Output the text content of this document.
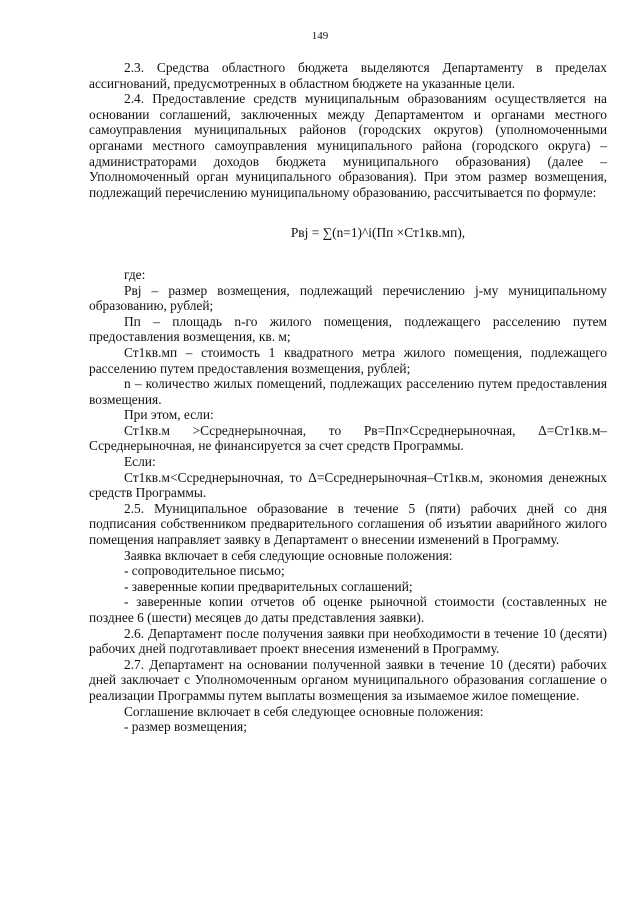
149

2.3. Средства областного бюджета выделяются Департаменту в пределах ассигнований, предусмотренных в областном бюджете на указанные цели.

2.4. Предоставление средств муниципальным образованиям осуществляется на основании соглашений, заключенных между Департаментом и органами местного самоуправления муниципальных районов (городских округов) (уполномоченными органами местного самоуправления муниципального района (городского округа) – администраторами доходов бюджета муниципального образования) (далее – Уполномоченный орган муниципального образования). При этом размер возмещения, подлежащий перечислению муниципальному образованию, рассчитывается по формуле:

Pвj = ∑(n=1)^i(Пп ×Ст1кв.мп),

где:

Рвj – размер возмещения, подлежащий перечислению j-му муниципальному образованию, рублей;

Пп – площадь n-го жилого помещения, подлежащего расселению путем предоставления возмещения, кв. м;

Ст1кв.мп – стоимость 1 квадратного метра жилого помещения, подлежащего расселению путем предоставления возмещения, рублей;

n – количество жилых помещений, подлежащих расселению путем предоставления возмещения.

При этом, если:

Ст1кв.м >Ссреднерыночная, то Рв=Пп×Ссреднерыночная, Δ=Ст1кв.м– Ссреднерыночная, не финансируется за счет средств Программы.

Если:

Ст1кв.м<Ссреднерыночная, то Δ=Ссреднерыночная–Ст1кв.м, экономия денежных средств Программы.

2.5. Муниципальное образование в течение 5 (пяти) рабочих дней со дня подписания собственником предварительного соглашения об изъятии аварийного жилого помещения направляет заявку в Департамент о внесении изменений в Программу.

Заявка включает в себя следующие основные положения:

- сопроводительное письмо;

- заверенные копии предварительных соглашений;

- заверенные копии отчетов об оценке рыночной стоимости (составленных не позднее 6 (шести) месяцев до даты представления заявки).

2.6. Департамент после получения заявки при необходимости в течение 10 (десяти) рабочих дней подготавливает проект внесения изменений в Программу.

2.7. Департамент на основании полученной заявки в течение 10 (десяти) рабочих дней заключает с Уполномоченным органом муниципального образования соглашение о реализации Программы путем выплаты возмещения за изымаемое жилое помещение.

Соглашение включает в себя следующее основные положения:

- размер возмещения;
